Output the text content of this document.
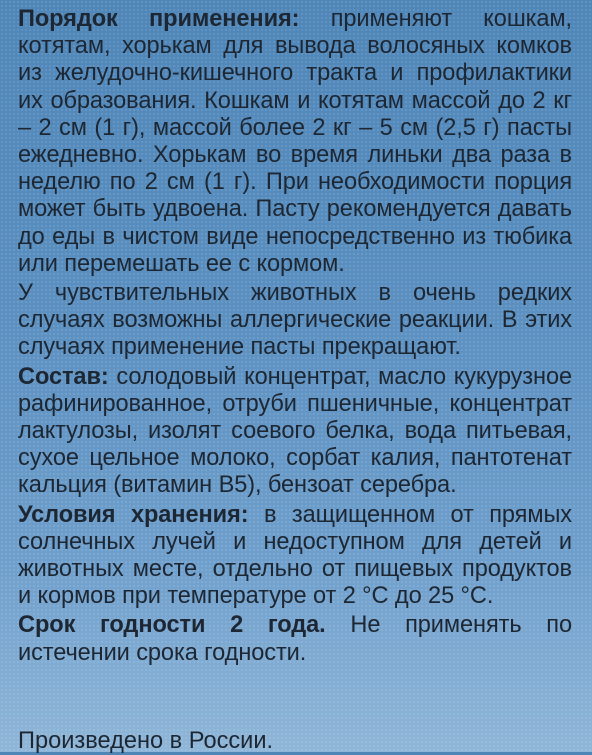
Порядок применения: применяют кошкам, котятам, хорькам для вывода волосяных комков из желудочно-кишечного тракта и профилактики их образования. Кошкам и котятам массой до 2 кг – 2 см (1 г), массой более 2 кг – 5 см (2,5 г) пасты ежедневно. Хорькам во время линьки два раза в неделю по 2 см (1 г). При необходимости порция может быть удвоена. Пасту рекомендуется давать до еды в чистом виде непосредственно из тюбика или перемешать ее с кормом.

У чувствительных животных в очень редких случаях возможны аллергические реакции. В этих случаях применение пасты прекращают.

Состав: солодовый концентрат, масло кукурузное рафинированное, отруби пшеничные, концентрат лактулозы, изолят соевого белка, вода питьевая, сухое цельное молоко, сорбат калия, пантотенат кальция (витамин B5), бензоат серебра.

Условия хранения: в защищенном от прямых солнечных лучей и недоступном для детей и животных месте, отдельно от пищевых продуктов и кормов при температуре от 2 °С до 25 °С.

Срок годности 2 года. Не применять по истечении срока годности.

Произведено в России.
